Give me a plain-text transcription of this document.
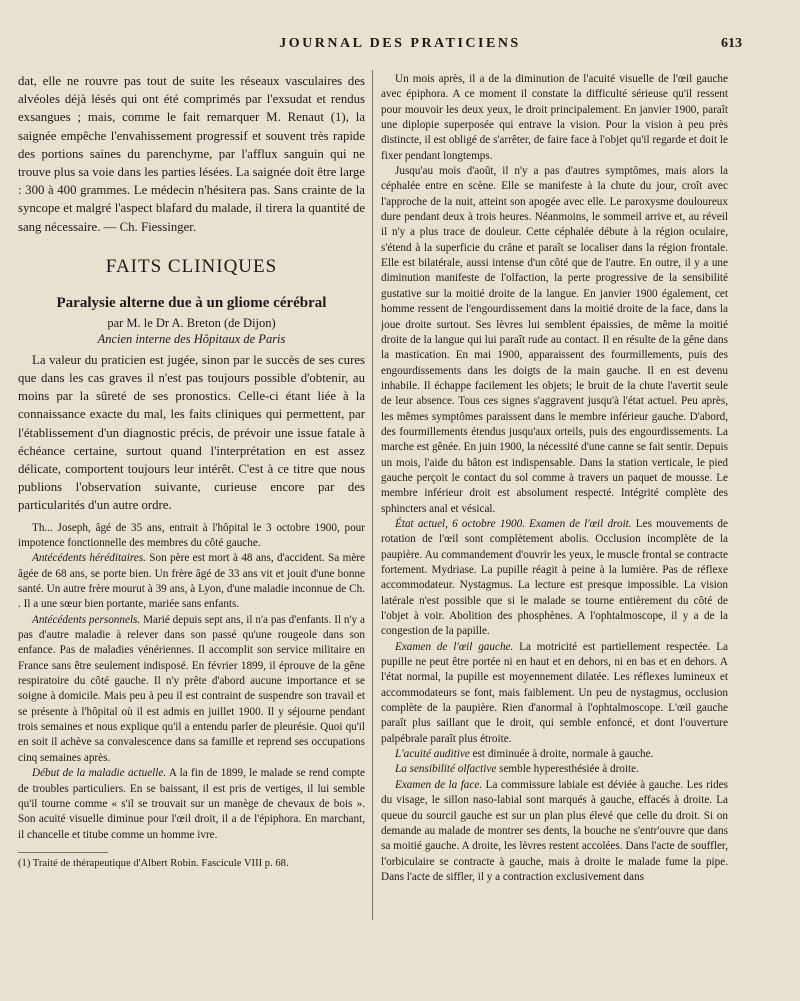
JOURNAL DES PRATICIENS	613

dat, elle ne rouvre pas tout de suite les réseaux vasculaires des alvéoles déjà lésés qui ont été comprimés par l'exsudat et rendus exsangues ; mais, comme le fait remarquer M. Renaut (1), la saignée empêche l'envahissement progressif et souvent très rapide des portions saines du parenchyme, par l'afflux sanguin qui ne trouve plus sa voie dans les parties lésées. La saignée doit être large : 300 à 400 grammes. Le médecin n'hésitera pas. Sans crainte de la syncope et malgré l'aspect blafard du malade, il tirera la quantité de sang nécessaire. — Ch. Fiessinger.

FAITS CLINIQUES
Paralysie alterne due à un gliome cérébral
par M. le Dr A. Breton (de Dijon)
Ancien interne des Hôpitaux de Paris

La valeur du praticien est jugée, sinon par le succès de ses cures que dans les cas graves il n'est pas toujours possible d'obtenir, au moins par la sûreté de ses pronostics. Celle-ci étant liée à la connaissance exacte du mal, les faits cliniques qui permettent, par l'établissement d'un diagnostic précis, de prévoir une issue fatale à échéance certaine, surtout quand l'interprétation en est assez délicate, comportent toujours leur intérêt. C'est à ce titre que nous publions l'observation suivante, curieuse encore par des particularités d'un autre ordre.

Th... Joseph, âgé de 35 ans, entrait à l'hôpital le 3 octobre 1900, pour impotence fonctionnelle des membres du côté gauche.

Antécédents héréditaires. Son père est mort à 48 ans, d'accident. Sa mère âgée de 68 ans, se porte bien. Un frère âgé de 33 ans vit et jouit d'une bonne santé. Un autre frère mourut à 39 ans, à Lyon, d'une maladie inconnue de Ch. . Il a une sœur bien portante, mariée sans enfants.

Antécédents personnels. Marié depuis sept ans, il n'a pas d'enfants. Il n'y a pas d'autre maladie à relever dans son passé qu'une rougeole dans son enfance. Pas de maladies vénériennes. Il accomplit son service militaire en France sans être seulement indisposé. En février 1899, il éprouve de la gêne respiratoire du côté gauche. Il n'y prête d'abord aucune importance et se soigne à domicile. Mais peu à peu il est contraint de suspendre son travail et se présente à l'hôpital où il est admis en juillet 1900. Il y séjourne pendant trois semaines et nous explique qu'il a entendu parler de pleurésie. Quoi qu'il en soit il achève sa convalescence dans sa famille et reprend ses occupations cinq semaines après.

Début de la maladie actuelle. A la fin de 1899, le malade se rend compte de troubles particuliers. En se baissant, il est pris de vertiges, il lui semble qu'il tourne comme « s'il se trouvait sur un manège de chevaux de bois ». Son acuité visuelle diminue pour l'œil droit, il a de l'épiphora. En marchant, il chancelle et titube comme un homme ivre.

(1) Traité de thérapeutique d'Albert Robin. Fascicule VIII p. 68.

Un mois après, il a de la diminution de l'acuité visuelle de l'œil gauche avec épiphora. A ce moment il constate la difficulté sérieuse qu'il ressent pour mouvoir les deux yeux, le droit principalement. En janvier 1900, paraît une diplopie superposée qui entrave la vision. Pour la vision à peu près distincte, il est obligé de s'arrêter, de faire face à l'objet qu'il regarde et doit le fixer pendant longtemps.

Jusqu'au mois d'août, il n'y a pas d'autres symptômes, mais alors la céphalée entre en scène. Elle se manifeste à la chute du jour, croît avec l'approche de la nuit, atteint son apogée avec elle. Le paroxysme douloureux dure pendant deux à trois heures. Néanmoins, le sommeil arrive et, au réveil il n'y a plus trace de douleur. Cette céphalée débute à la région oculaire, s'étend à la superficie du crâne et paraît se localiser dans la région frontale. Elle est bilatérale, aussi intense d'un côté que de l'autre. En outre, il y a une diminution manifeste de l'olfaction, la perte progressive de la sensibilité gustative sur la moitié droite de la langue. En janvier 1900 également, cet homme ressent de l'engourdissement dans la moitié droite de la face, dans la joue droite surtout. Ses lèvres lui semblent épaissies, de même la moitié droite de la langue qui lui paraît rude au contact. Il en résulte de la gêne dans la mastication. En mai 1900, apparaissent des fourmillements, puis des engourdissements dans les doigts de la main gauche. Il en est devenu inhabile. Il échappe facilement les objets; le bruit de la chute l'avertit seule de leur absence. Tous ces signes s'aggravent jusqu'à l'état actuel. Peu après, les mêmes symptômes paraissent dans le membre inférieur gauche. D'abord, des fourmillements étendus jusqu'aux orteils, puis des engourdissements. La marche est gênée. En juin 1900, la nécessité d'une canne se fait sentir. Depuis un mois, l'aide du bâton est indispensable. Dans la station verticale, le pied gauche perçoit le contact du sol comme à travers un paquet de mousse. Le membre inférieur droit est absolument respecté. Intégrité complète des sphincters anal et vésical.

État actuel, 6 octobre 1900. Examen de l'œil droit. Les mouvements de rotation de l'œil sont complètement abolis. Occlusion incomplète de la paupière. Au commandement d'ouvrir les yeux, le muscle frontal se contracte fortement. Mydriase. La pupille réagit à peine à la lumière. Pas de réflexe accommodateur. Nystagmus. La lecture est presque impossible. La vision latérale n'est possible que si le malade se tourne entièrement du côté de l'objet à voir. Abolition des phosphènes. A l'ophtalmoscope, il y a de la congestion de la papille.

Examen de l'œil gauche. La motricité est partiellement respectée. La pupille ne peut être portée ni en haut et en dehors, ni en bas et en dehors. A l'état normal, la pupille est moyennement dilatée. Les réflexes lumineux et accommodateurs se font, mais faiblement. Un peu de nystagmus, occlusion complète de la paupière. Rien d'anormal à l'ophtalmoscope. L'œil gauche paraît plus saillant que le droit, qui semble enfoncé, et dont l'ouverture palpébrale paraît plus étroite.

L'acuité auditive est diminuée à droite, normale à gauche.

La sensibilité olfactive semble hyperesthésiée à droite.

Examen de la face. La commissure labiale est déviée à gauche. Les rides du visage, le sillon naso-labial sont marqués à gauche, effacés à droite. La queue du sourcil gauche est sur un plan plus élevé que celle du droit. Si on demande au malade de montrer ses dents, la bouche ne s'entr'ouvre que dans sa moitié gauche. A droite, les lèvres restent accolées. Dans l'acte de souffler, l'orbiculaire se contracte à gauche, mais à droite le malade fume la pipe. Dans l'acte de siffler, il y a contraction exclusivement dans
